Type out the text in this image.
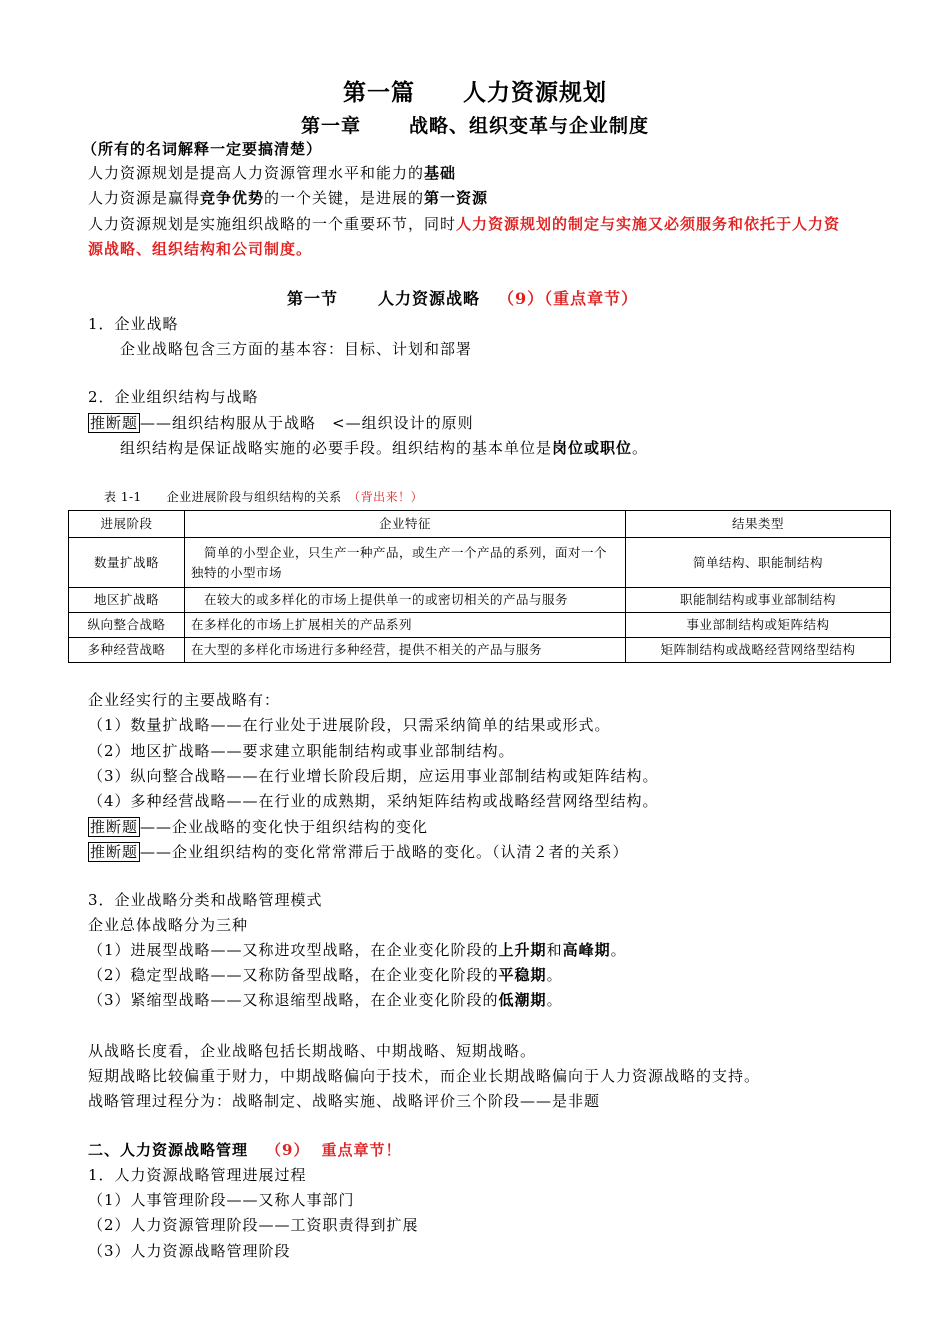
第一篇 人力资源规划
第一章	战略、组织变革与企业制度
（所有的名词解释一定要搞清楚）
人力资源规划是提高人力资源管理水平和能力的基础
人力资源是赢得竞争优势的一个关键，是进展的第一资源
人力资源规划是实施组织战略的一个重要环节，同时人力资源规划的制定与实施又必须服务和依托于人力资
源战略、组织结构和公司制度。
第一节	人力资源战略 （9）（重点章节）
1．企业战略
企业战略包含三方面的基本容：目标、计划和部署
2．企业组织结构与战略
推断题 ——组织结构服从于战略　<—组织设计的原则
组织结构是保证战略实施的必要手段。组织结构的基本单位是岗位或职位。
表 1-1　　企业进展阶段与组织结构的关系　 （背出来！）
进展阶段	企业特征	结果类型
数量扩战略	　简单的小型企业，只生产一种产品，或生产一个产品的系列，面对一个独特的小型市场	简单结构、职能制结构
地区扩战略	　在较大的或多样化的市场上提供单一的或密切相关的产品与服务	职能制结构或事业部制结构
纵向整合战略	在多样化的市场上扩展相关的产品系列	事业部制结构或矩阵结构
多种经营战略	在大型的多样化市场进行多种经营，提供不相关的产品与服务	矩阵制结构或战略经营网络型结构
企业经实行的主要战略有：
（1）数量扩战略——在行业处于进展阶段，只需采纳简单的结果或形式。
（2）地区扩战略——要求建立职能制结构或事业部制结构。
（3）纵向整合战略——在行业增长阶段后期，应运用事业部制结构或矩阵结构。
（4）多种经营战略——在行业的成熟期，采纳矩阵结构或战略经营网络型结构。
推断题 ——企业战略的变化快于组织结构的变化
推断题 ——企业组织结构的变化常常滞后于战略的变化。（认清２者的关系）
3．企业战略分类和战略管理模式
企业总体战略分为三种
（1）进展型战略——又称进攻型战略，在企业变化阶段的上升期和高峰期。
（2）稳定型战略——又称防备型战略，在企业变化阶段的平稳期。
（3）紧缩型战略——又称退缩型战略，在企业变化阶段的低潮期。
从战略长度看，企业战略包括长期战略、中期战略、短期战略。
短期战略比较偏重于财力，中期战略偏向于技术，而企业长期战略偏向于人力资源战略的支持。
战略管理过程分为：战略制定、战略实施、战略评价三个阶段——是非题
二、人力资源战略管理 （9） 重点章节！
1．人力资源战略管理进展过程
（1）人事管理阶段——又称人事部门
（2）人力资源管理阶段——工资职责得到扩展
（3）人力资源战略管理阶段
